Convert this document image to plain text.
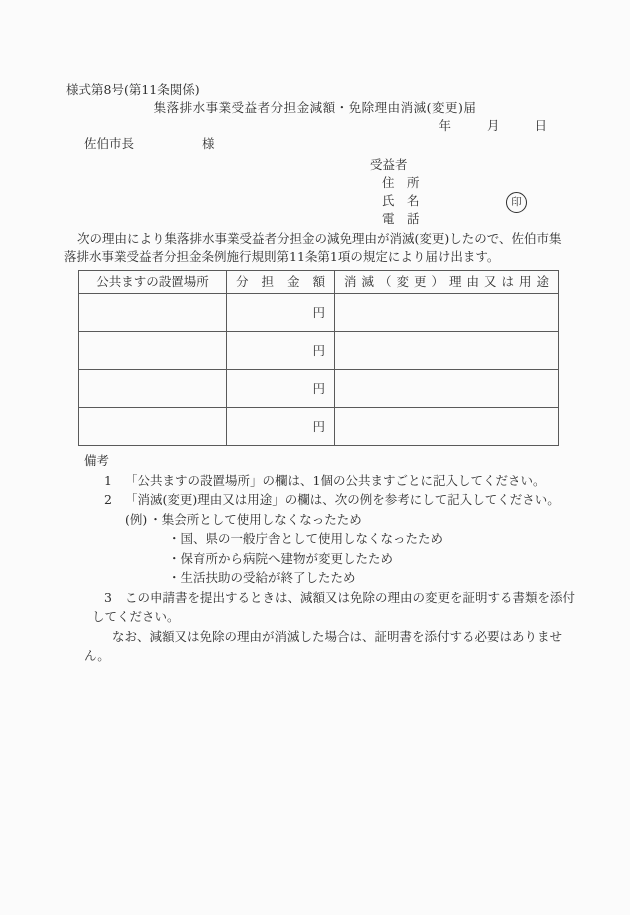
様式第8号(第11条関係)
集落排水事業受益者分担金減額・免除理由消滅(変更)届
年	月	日
佐伯市長	様
受益者
住　所
氏　名	印
電　話
次の理由により集落排水事業受益者分担金の減免理由が消滅(変更)したので、佐伯市集
落排水事業受益者分担金条例施行規則第11条第1項の規定により届け出ます。
公共ますの設置場所	分 担 金 額	消 滅 （ 変 更 ） 理 由 又 は 用 途
	円	
	円	
	円	
	円	
備考
1 「公共ますの設置場所」の欄は、1個の公共ますごとに記入してください。
2 「消滅(変更)理由又は用途」の欄は、次の例を参考にして記入してください。
(例) ・集会所として使用しなくなったため
・国、県の一般庁舎として使用しなくなったため
・保育所から病院へ建物が変更したため
・生活扶助の受給が終了したため
3 この申請書を提出するときは、減額又は免除の理由の変更を証明する書類を添付
してください。
なお、減額又は免除の理由が消滅した場合は、証明書を添付する必要はありませ
ん。
